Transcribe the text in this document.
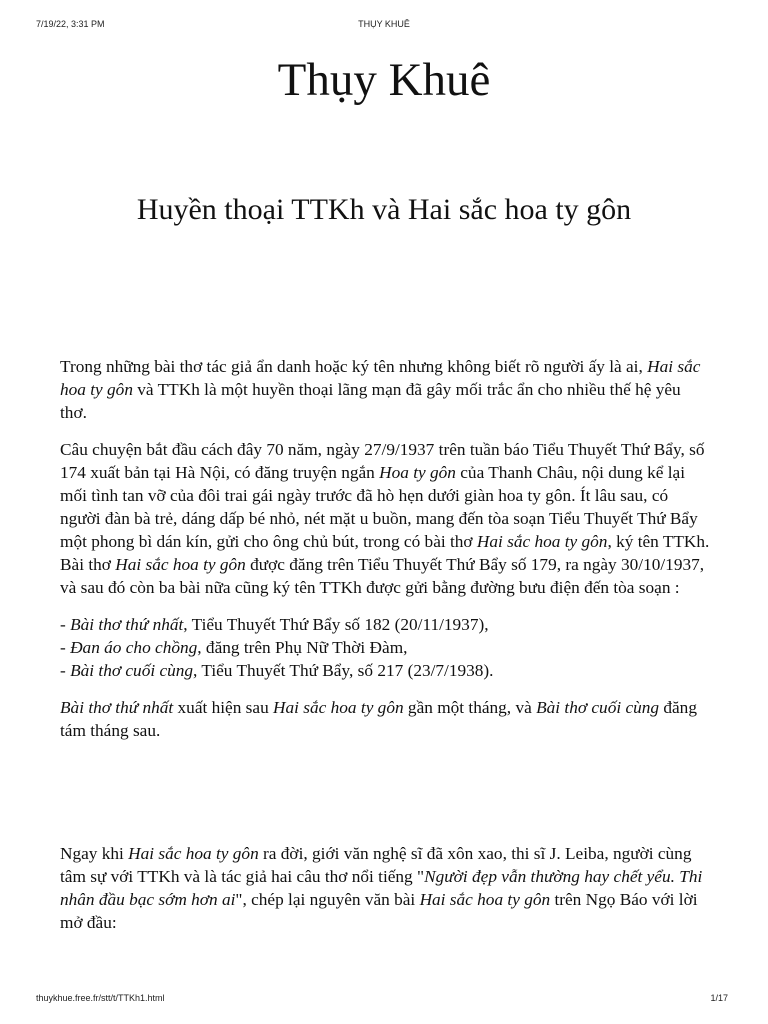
7/19/22, 3:31 PM	THỤY KHUÊ
Thụy Khuê
Huyền thoại TTKh và Hai sắc hoa ty gôn

Trong những bài thơ tác giả ẩn danh hoặc ký tên nhưng không biết rõ người ấy là ai, Hai sắc hoa ty gôn và TTKh là một huyền thoại lãng mạn đã gây mối trắc ẩn cho nhiều thế hệ yêu thơ.

Câu chuyện bắt đầu cách đây 70 năm, ngày 27/9/1937 trên tuần báo Tiểu Thuyết Thứ Bẩy, số 174 xuất bản tại Hà Nội, có đăng truyện ngắn Hoa ty gôn của Thanh Châu, nội dung kể lại mối tình tan vỡ của đôi trai gái ngày trước đã hò hẹn dưới giàn hoa ty gôn. Ít lâu sau, có người đàn bà trẻ, dáng dấp bé nhỏ, nét mặt u buồn, mang đến tòa soạn Tiểu Thuyết Thứ Bẩy một phong bì dán kín, gửi cho ông chủ bút, trong có bài thơ Hai sắc hoa ty gôn, ký tên TTKh. Bài thơ Hai sắc hoa ty gôn được đăng trên Tiểu Thuyết Thứ Bẩy số 179, ra ngày 30/10/1937, và sau đó còn ba bài nữa cũng ký tên TTKh được gửi bằng đường bưu điện đến tòa soạn :

- Bài thơ thứ nhất, Tiểu Thuyết Thứ Bẩy số 182 (20/11/1937),
- Đan áo cho chồng, đăng trên Phụ Nữ Thời Đàm,
- Bài thơ cuối cùng, Tiểu Thuyết Thứ Bẩy, số 217 (23/7/1938).

Bài thơ thứ nhất xuất hiện sau Hai sắc hoa ty gôn gần một tháng, và Bài thơ cuối cùng đăng tám tháng sau.

Ngay khi Hai sắc hoa ty gôn ra đời, giới văn nghệ sĩ đã xôn xao, thi sĩ J. Leiba, người cùng tâm sự với TTKh và là tác giả hai câu thơ nổi tiếng "Người đẹp vẫn thường hay chết yểu. Thi nhân đầu bạc sớm hơn ai", chép lại nguyên văn bài Hai sắc hoa ty gôn trên Ngọ Báo với lời mở đầu:

thuykhue.free.fr/stt/t/TTKh1.html	1/17
